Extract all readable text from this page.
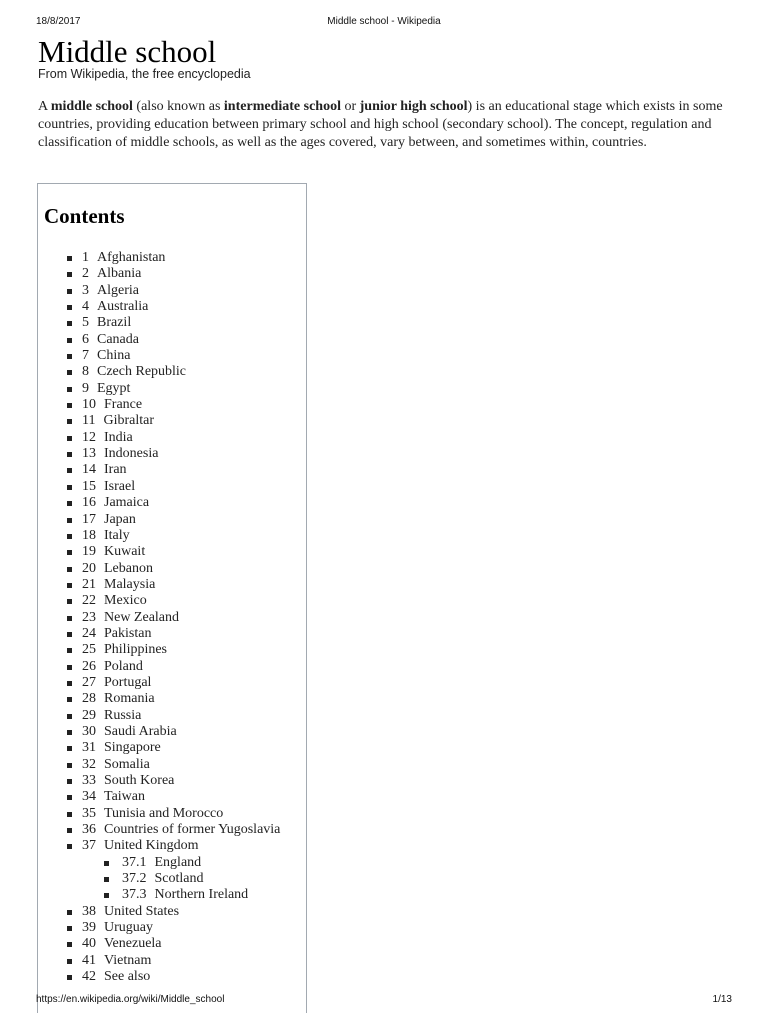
18/8/2017	Middle school - Wikipedia
Middle school
From Wikipedia, the free encyclopedia

A middle school (also known as intermediate school or junior high school) is an educational stage which exists in some countries, providing education between primary school and high school (secondary school). The concept, regulation and classification of middle schools, as well as the ages covered, vary between, and sometimes within, countries.

Contents
1 Afghanistan
2 Albania
3 Algeria
4 Australia
5 Brazil
6 Canada
7 China
8 Czech Republic
9 Egypt
10 France
11 Gibraltar
12 India
13 Indonesia
14 Iran
15 Israel
16 Jamaica
17 Japan
18 Italy
19 Kuwait
20 Lebanon
21 Malaysia
22 Mexico
23 New Zealand
24 Pakistan
25 Philippines
26 Poland
27 Portugal
28 Romania
29 Russia
30 Saudi Arabia
31 Singapore
32 Somalia
33 South Korea
34 Taiwan
35 Tunisia and Morocco
36 Countries of former Yugoslavia
37 United Kingdom
37.1 England
37.2 Scotland
37.3 Northern Ireland
38 United States
39 Uruguay
40 Venezuela
41 Vietnam
42 See also
https://en.wikipedia.org/wiki/Middle_school	1/13
